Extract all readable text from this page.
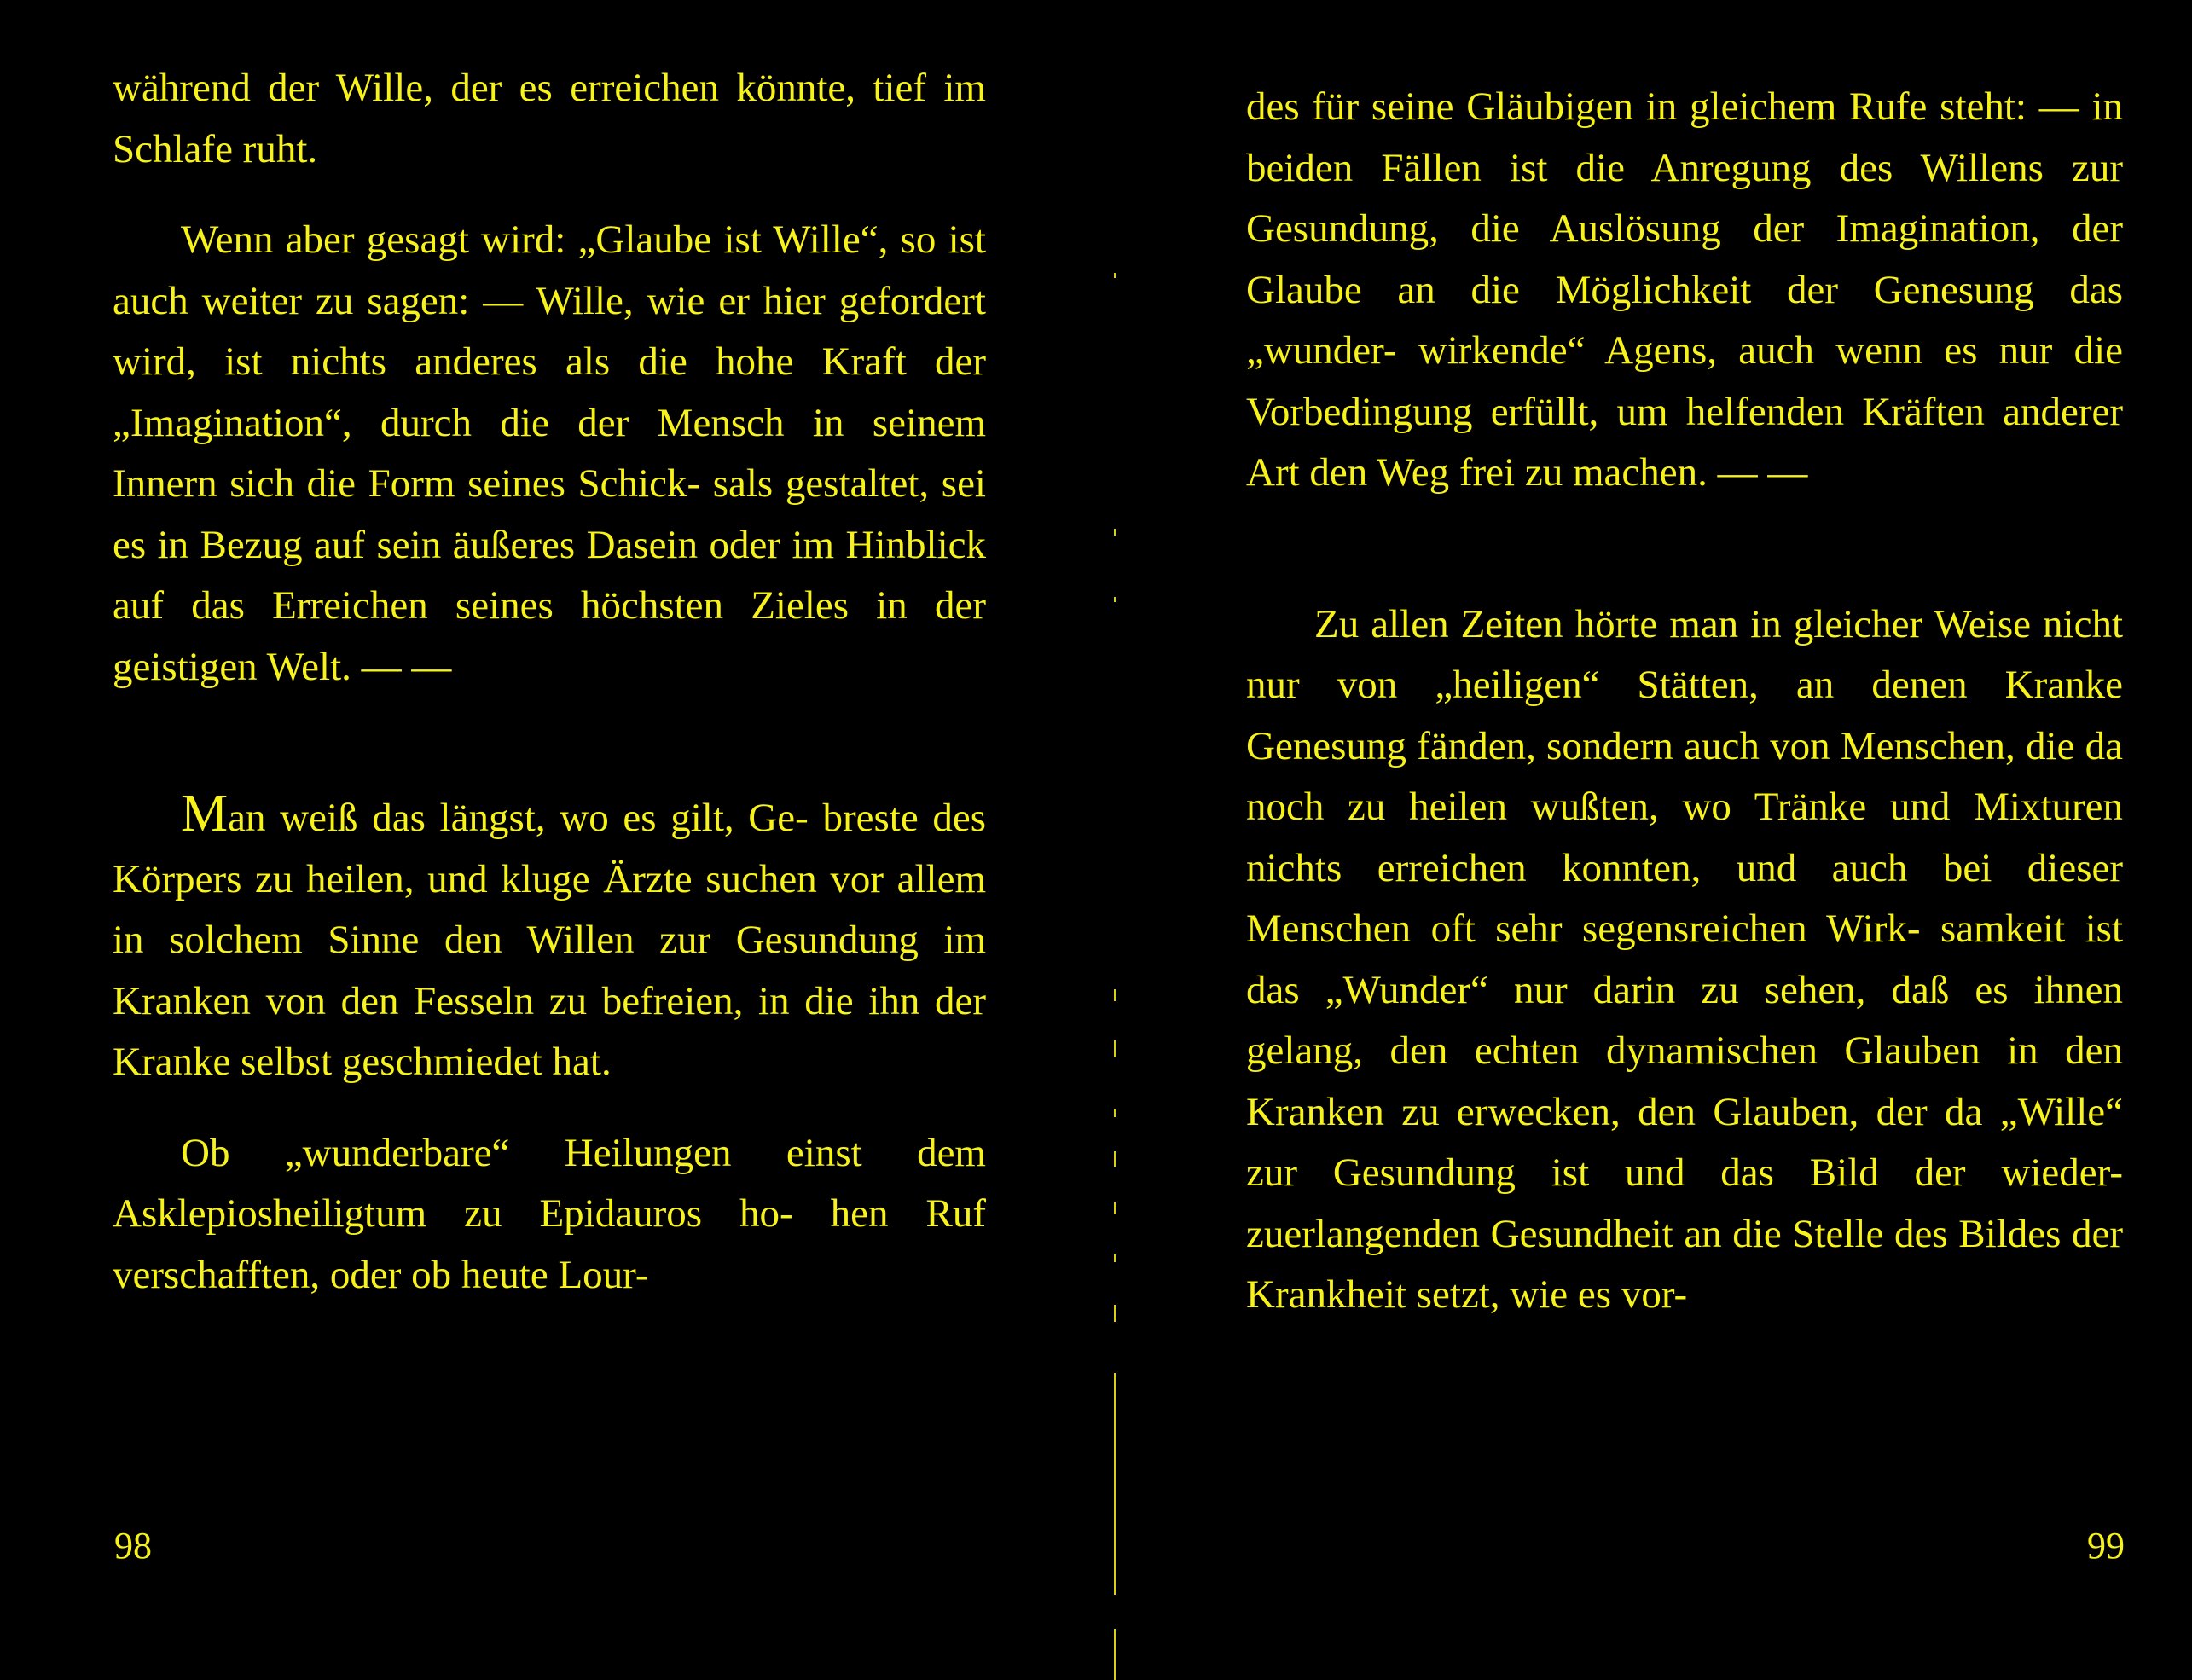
während der Wille, der es erreichen könnte, tief im Schlafe ruht.

Wenn aber gesagt wird: „Glaube ist Wille“, so ist auch weiter zu sagen: — Wille, wie er hier gefordert wird, ist nichts anderes als die hohe Kraft der „Imagination“, durch die der Mensch in seinem Innern sich die Form seines Schick- sals gestaltet, sei es in Bezug auf sein äußeres Dasein oder im Hinblick auf das Erreichen seines höchsten Zieles in der geistigen Welt. — —

Man weiß das längst, wo es gilt, Ge- breste des Körpers zu heilen, und kluge Ärzte suchen vor allem in solchem Sinne den Willen zur Gesundung im Kranken von den Fesseln zu befreien, in die ihn der Kranke selbst geschmiedet hat.

Ob „wunderbare“ Heilungen einst dem Asklepiosheiligtum zu Epidauros ho- hen Ruf verschafften, oder ob heute Lour-

98

des für seine Gläubigen in gleichem Rufe steht: — in beiden Fällen ist die Anregung des Willens zur Gesundung, die Auslösung der Imagination, der Glaube an die Möglichkeit der Genesung das „wunder- wirkende“ Agens, auch wenn es nur die Vorbedingung erfüllt, um helfenden Kräften anderer Art den Weg frei zu machen. — —

Zu allen Zeiten hörte man in gleicher Weise nicht nur von „heiligen“ Stätten, an denen Kranke Genesung fänden, sondern auch von Menschen, die da noch zu heilen wußten, wo Tränke und Mixturen nichts erreichen konnten, und auch bei dieser Menschen oft sehr segensreichen Wirk- samkeit ist das „Wunder“ nur darin zu sehen, daß es ihnen gelang, den echten dynamischen Glauben in den Kranken zu erwecken, den Glauben, der da „Wille“ zur Gesundung ist und das Bild der wieder- zuerlangenden Gesundheit an die Stelle des Bildes der Krankheit setzt, wie es vor-

99
